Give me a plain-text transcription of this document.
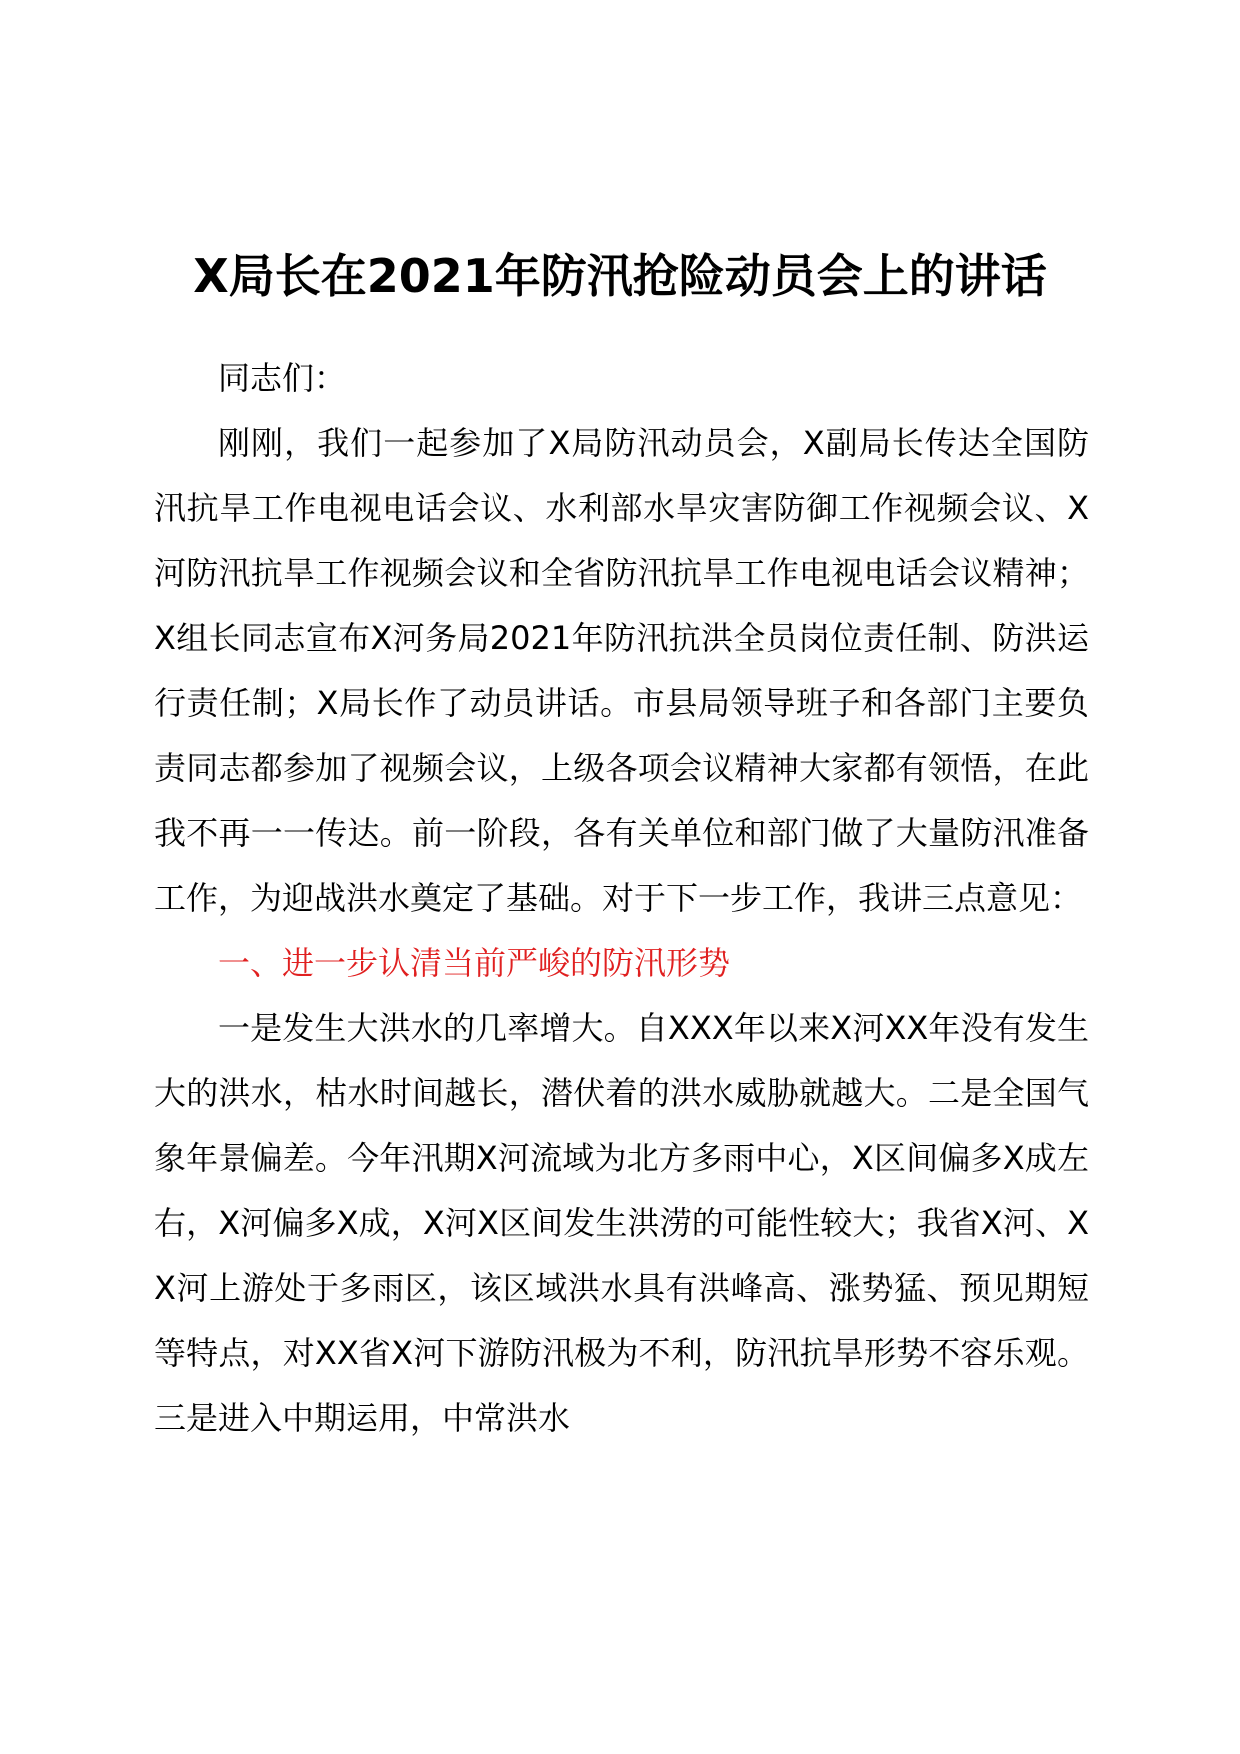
X局长在2021年防汛抢险动员会上的讲话

同志们：

刚刚，我们一起参加了X局防汛动员会，X副局长传达全国防汛抗旱工作电视电话会议、水利部水旱灾害防御工作视频会议、X河防汛抗旱工作视频会议和全省防汛抗旱工作电视电话会议精神；X组长同志宣布X河务局2021年防汛抗洪全员岗位责任制、防洪运行责任制；X局长作了动员讲话。市县局领导班子和各部门主要负责同志都参加了视频会议，上级各项会议精神大家都有领悟，在此我不再一一传达。前一阶段，各有关单位和部门做了大量防汛准备工作，为迎战洪水奠定了基础。对于下一步工作，我讲三点意见：

一、进一步认清当前严峻的防汛形势

一是发生大洪水的几率增大。自XXX年以来X河XX年没有发生大的洪水，枯水时间越长，潜伏着的洪水威胁就越大。二是全国气象年景偏差。今年汛期X河流域为北方多雨中心，X区间偏多X成左右，X河偏多X成，X河X区间发生洪涝的可能性较大；我省X河、XX河上游处于多雨区，该区域洪水具有洪峰高、涨势猛、预见期短等特点，对XX省X河下游防汛极为不利，防汛抗旱形势不容乐观。三是进入中期运用，中常洪水
